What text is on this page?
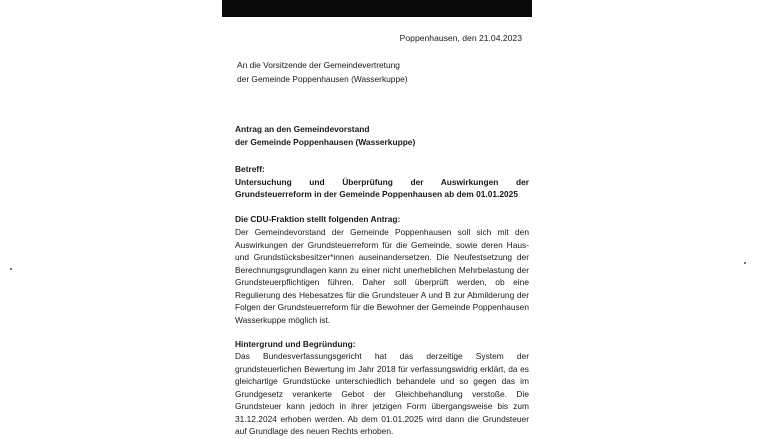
Poppenhausen, den 21.04.2023
An die Vorsitzende der Gemeindevertretung
der Gemeinde Poppenhausen (Wasserkuppe)
Antrag an den Gemeindevorstand
der Gemeinde Poppenhausen (Wasserkuppe)
Betreff:
Untersuchung und Überprüfung der Auswirkungen der Grundsteuerreform in der Gemeinde Poppenhausen ab dem 01.01.2025
Die CDU-Fraktion stellt folgenden Antrag:
Der Gemeindevorstand der Gemeinde Poppenhausen soll sich mit den Auswirkungen der Grundsteuerreform für die Gemeinde, sowie deren Haus- und Grundstücksbesitzer*innen auseinandersetzen. Die Neufestsetzung der Berechnungsgrundlagen kann zu einer nicht unerheblichen Mehrbelastung der Grundsteuerpflichtigen führen. Daher soll überprüft werden, ob eine Regulierung des Hebesatzes für die Grundsteuer A und B zur Abmilderung der Folgen der Grundsteuerreform für die Bewohner der Gemeinde Poppenhausen Wasserkuppe möglich ist.
Hintergrund und Begründung:
Das Bundesverfassungsgericht hat das derzeitige System der grundsteuerlichen Bewertung im Jahr 2018 für verfassungswidrig erklärt, da es gleichartige Grundstücke unterschiedlich behandele und so gegen das im Grundgesetz verankerte Gebot der Gleichbehandlung verstoße. Die Grundsteuer kann jedoch in ihrer jetzigen Form übergangsweise bis zum 31.12.2024 erhoben werden. Ab dem 01.01.2025 wird dann die Grundsteuer auf Grundlage des neuen Rechts erhoben.
